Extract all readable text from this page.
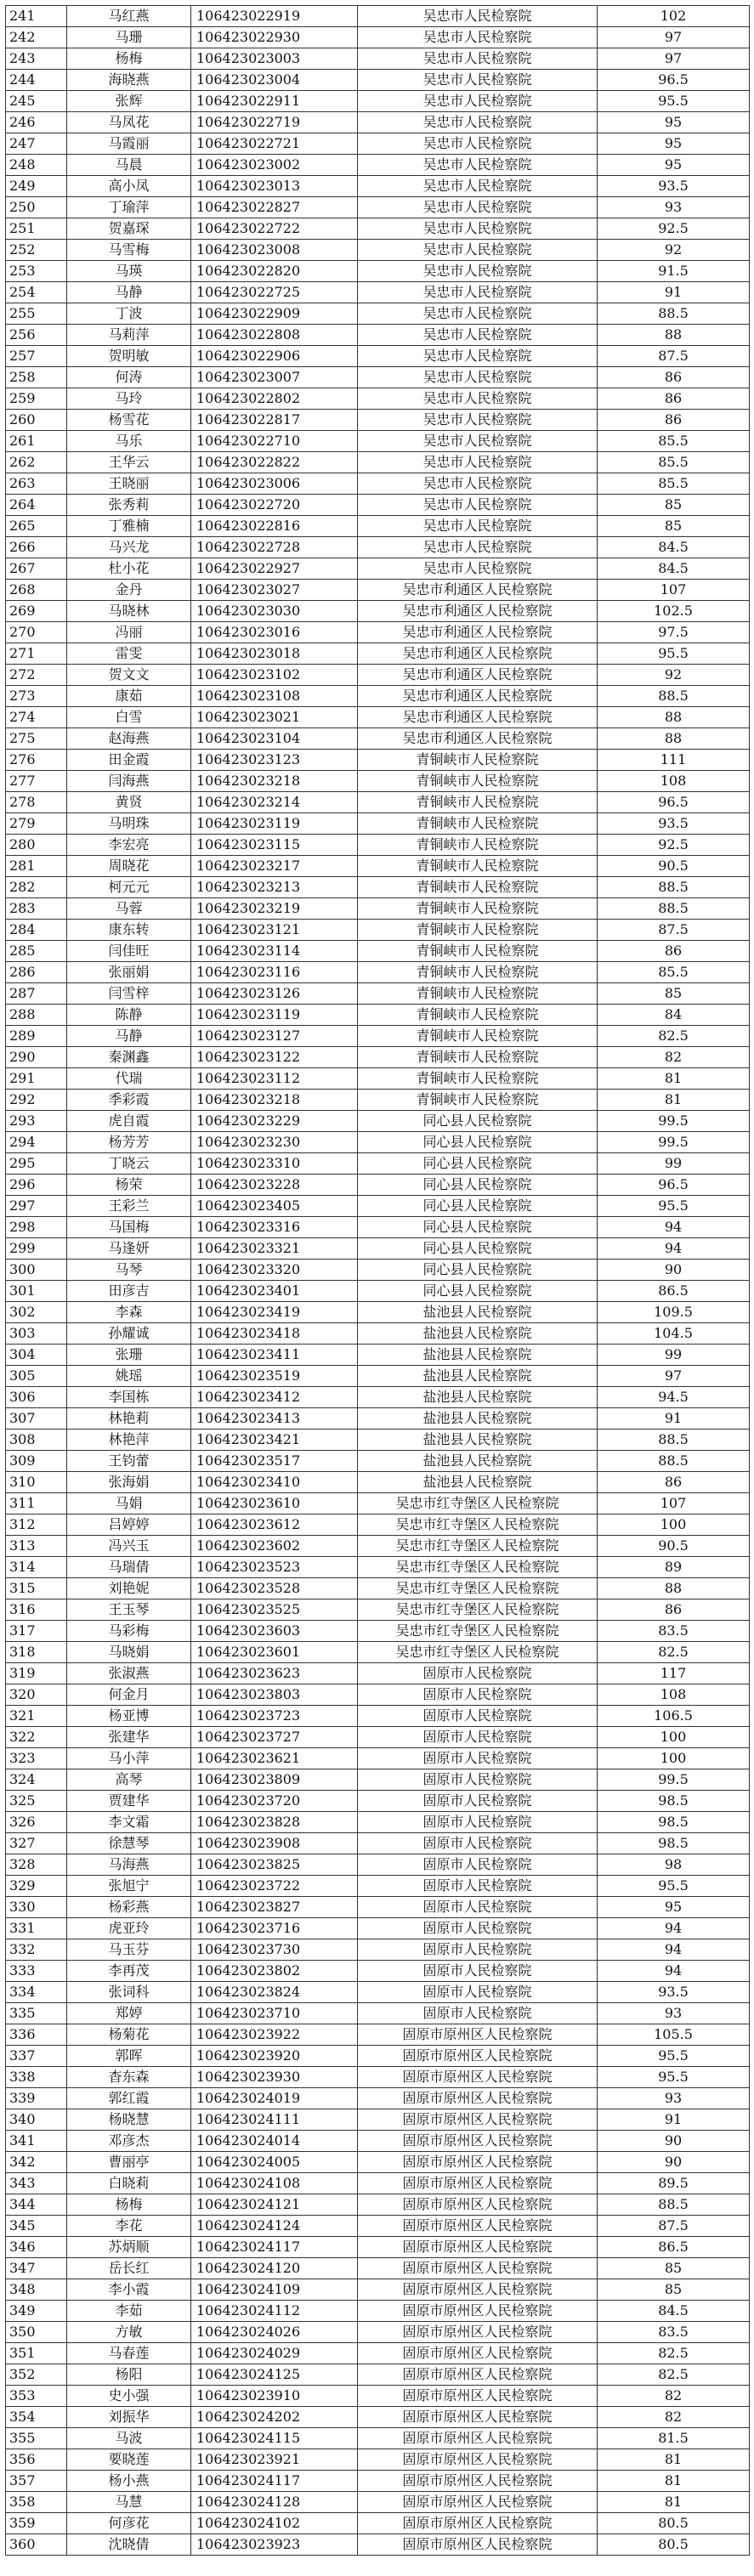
241	马红燕	106423022919	吴忠市人民检察院	102
242	马珊	106423022930	吴忠市人民检察院	97
243	杨梅	106423023003	吴忠市人民检察院	97
244	海晓燕	106423023004	吴忠市人民检察院	96.5
245	张辉	106423022911	吴忠市人民检察院	95.5
246	马凤花	106423022719	吴忠市人民检察院	95
247	马霞丽	106423022721	吴忠市人民检察院	95
248	马晨	106423023002	吴忠市人民检察院	95
249	高小凤	106423023013	吴忠市人民检察院	93.5
250	丁瑜萍	106423022827	吴忠市人民检察院	93
251	贺嘉琛	106423022722	吴忠市人民检察院	92.5
252	马雪梅	106423023008	吴忠市人民检察院	92
253	马瑛	106423022820	吴忠市人民检察院	91.5
254	马静	106423022725	吴忠市人民检察院	91
255	丁波	106423022909	吴忠市人民检察院	88.5
256	马莉萍	106423022808	吴忠市人民检察院	88
257	贺明敏	106423022906	吴忠市人民检察院	87.5
258	何涛	106423023007	吴忠市人民检察院	86
259	马玲	106423022802	吴忠市人民检察院	86
260	杨雪花	106423022817	吴忠市人民检察院	86
261	马乐	106423022710	吴忠市人民检察院	85.5
262	王华云	106423022822	吴忠市人民检察院	85.5
263	王晓丽	106423023006	吴忠市人民检察院	85.5
264	张秀莉	106423022720	吴忠市人民检察院	85
265	丁雅楠	106423022816	吴忠市人民检察院	85
266	马兴龙	106423022728	吴忠市人民检察院	84.5
267	杜小花	106423022927	吴忠市人民检察院	84.5
268	金丹	106423023027	吴忠市利通区人民检察院	107
269	马晓林	106423023030	吴忠市利通区人民检察院	102.5
270	冯丽	106423023016	吴忠市利通区人民检察院	97.5
271	雷雯	106423023018	吴忠市利通区人民检察院	95.5
272	贺文文	106423023102	吴忠市利通区人民检察院	92
273	康茹	106423023108	吴忠市利通区人民检察院	88.5
274	白雪	106423023021	吴忠市利通区人民检察院	88
275	赵海燕	106423023104	吴忠市利通区人民检察院	88
276	田金霞	106423023123	青铜峡市人民检察院	111
277	闫海燕	106423023218	青铜峡市人民检察院	108
278	黄贤	106423023214	青铜峡市人民检察院	96.5
279	马明珠	106423023119	青铜峡市人民检察院	93.5
280	李宏亮	106423023115	青铜峡市人民检察院	92.5
281	周晓花	106423023217	青铜峡市人民检察院	90.5
282	柯元元	106423023213	青铜峡市人民检察院	88.5
283	马蓉	106423023219	青铜峡市人民检察院	88.5
284	康东转	106423023121	青铜峡市人民检察院	87.5
285	闫佳旺	106423023114	青铜峡市人民检察院	86
286	张丽娟	106423023116	青铜峡市人民检察院	85.5
287	闫雪梓	106423023126	青铜峡市人民检察院	85
288	陈静	106423023119	青铜峡市人民检察院	84
289	马静	106423023127	青铜峡市人民检察院	82.5
290	秦渊鑫	106423023122	青铜峡市人民检察院	82
291	代瑞	106423023112	青铜峡市人民检察院	81
292	季彩霞	106423023218	青铜峡市人民检察院	81
293	虎自霞	106423023229	同心县人民检察院	99.5
294	杨芳芳	106423023230	同心县人民检察院	99.5
295	丁晓云	106423023310	同心县人民检察院	99
296	杨荣	106423023228	同心县人民检察院	96.5
297	王彩兰	106423023405	同心县人民检察院	95.5
298	马国梅	106423023316	同心县人民检察院	94
299	马逢妍	106423023321	同心县人民检察院	94
300	马琴	106423023320	同心县人民检察院	90
301	田彦吉	106423023401	同心县人民检察院	86.5
302	李森	106423023419	盐池县人民检察院	109.5
303	孙耀诚	106423023418	盐池县人民检察院	104.5
304	张珊	106423023411	盐池县人民检察院	99
305	姚瑶	106423023519	盐池县人民检察院	97
306	李国栋	106423023412	盐池县人民检察院	94.5
307	林艳莉	106423023413	盐池县人民检察院	91
308	林艳萍	106423023421	盐池县人民检察院	88.5
309	王钧蕾	106423023517	盐池县人民检察院	88.5
310	张海娟	106423023410	盐池县人民检察院	86
311	马娟	106423023610	吴忠市红寺堡区人民检察院	107
312	吕婷婷	106423023612	吴忠市红寺堡区人民检察院	100
313	冯兴玉	106423023602	吴忠市红寺堡区人民检察院	90.5
314	马瑞倩	106423023523	吴忠市红寺堡区人民检察院	89
315	刘艳妮	106423023528	吴忠市红寺堡区人民检察院	88
316	王玉琴	106423023525	吴忠市红寺堡区人民检察院	86
317	马彩梅	106423023603	吴忠市红寺堡区人民检察院	83.5
318	马晓娟	106423023601	吴忠市红寺堡区人民检察院	82.5
319	张淑燕	106423023623	固原市人民检察院	117
320	何金月	106423023803	固原市人民检察院	108
321	杨亚博	106423023723	固原市人民检察院	106.5
322	张建华	106423023727	固原市人民检察院	100
323	马小萍	106423023621	固原市人民检察院	100
324	高琴	106423023809	固原市人民检察院	99.5
325	贾建华	106423023720	固原市人民检察院	98.5
326	李文霜	106423023828	固原市人民检察院	98.5
327	徐慧琴	106423023908	固原市人民检察院	98.5
328	马海燕	106423023825	固原市人民检察院	98
329	张旭宁	106423023722	固原市人民检察院	95.5
330	杨彩燕	106423023827	固原市人民检察院	95
331	虎亚玲	106423023716	固原市人民检察院	94
332	马玉芬	106423023730	固原市人民检察院	94
333	李再茂	106423023802	固原市人民检察院	94
334	张词科	106423023824	固原市人民检察院	93.5
335	郑婷	106423023710	固原市人民检察院	93
336	杨菊花	106423023922	固原市原州区人民检察院	105.5
337	郭晖	106423023920	固原市原州区人民检察院	95.5
338	杳东森	106423023930	固原市原州区人民检察院	95.5
339	郭红霞	106423024019	固原市原州区人民检察院	93
340	杨晓慧	106423024111	固原市原州区人民检察院	91
341	邓彦杰	106423024014	固原市原州区人民检察院	90
342	曹丽亭	106423024005	固原市原州区人民检察院	90
343	白晓莉	106423024108	固原市原州区人民检察院	89.5
344	杨梅	106423024121	固原市原州区人民检察院	88.5
345	李花	106423024124	固原市原州区人民检察院	87.5
346	苏炳顺	106423024117	固原市原州区人民检察院	86.5
347	岳长红	106423024120	固原市原州区人民检察院	85
348	李小霞	106423024109	固原市原州区人民检察院	85
349	李茹	106423024112	固原市原州区人民检察院	84.5
350	方敏	106423024026	固原市原州区人民检察院	83.5
351	马春莲	106423024029	固原市原州区人民检察院	82.5
352	杨阳	106423024125	固原市原州区人民检察院	82.5
353	史小强	106423023910	固原市原州区人民检察院	82
354	刘振华	106423024202	固原市原州区人民检察院	82
355	马波	106423024115	固原市原州区人民检察院	81.5
356	要晓莲	106423023921	固原市原州区人民检察院	81
357	杨小燕	106423024117	固原市原州区人民检察院	81
358	马慧	106423024128	固原市原州区人民检察院	81
359	何彦花	106423024102	固原市原州区人民检察院	80.5
360	沈晓倩	106423023923	固原市原州区人民检察院	80.5
